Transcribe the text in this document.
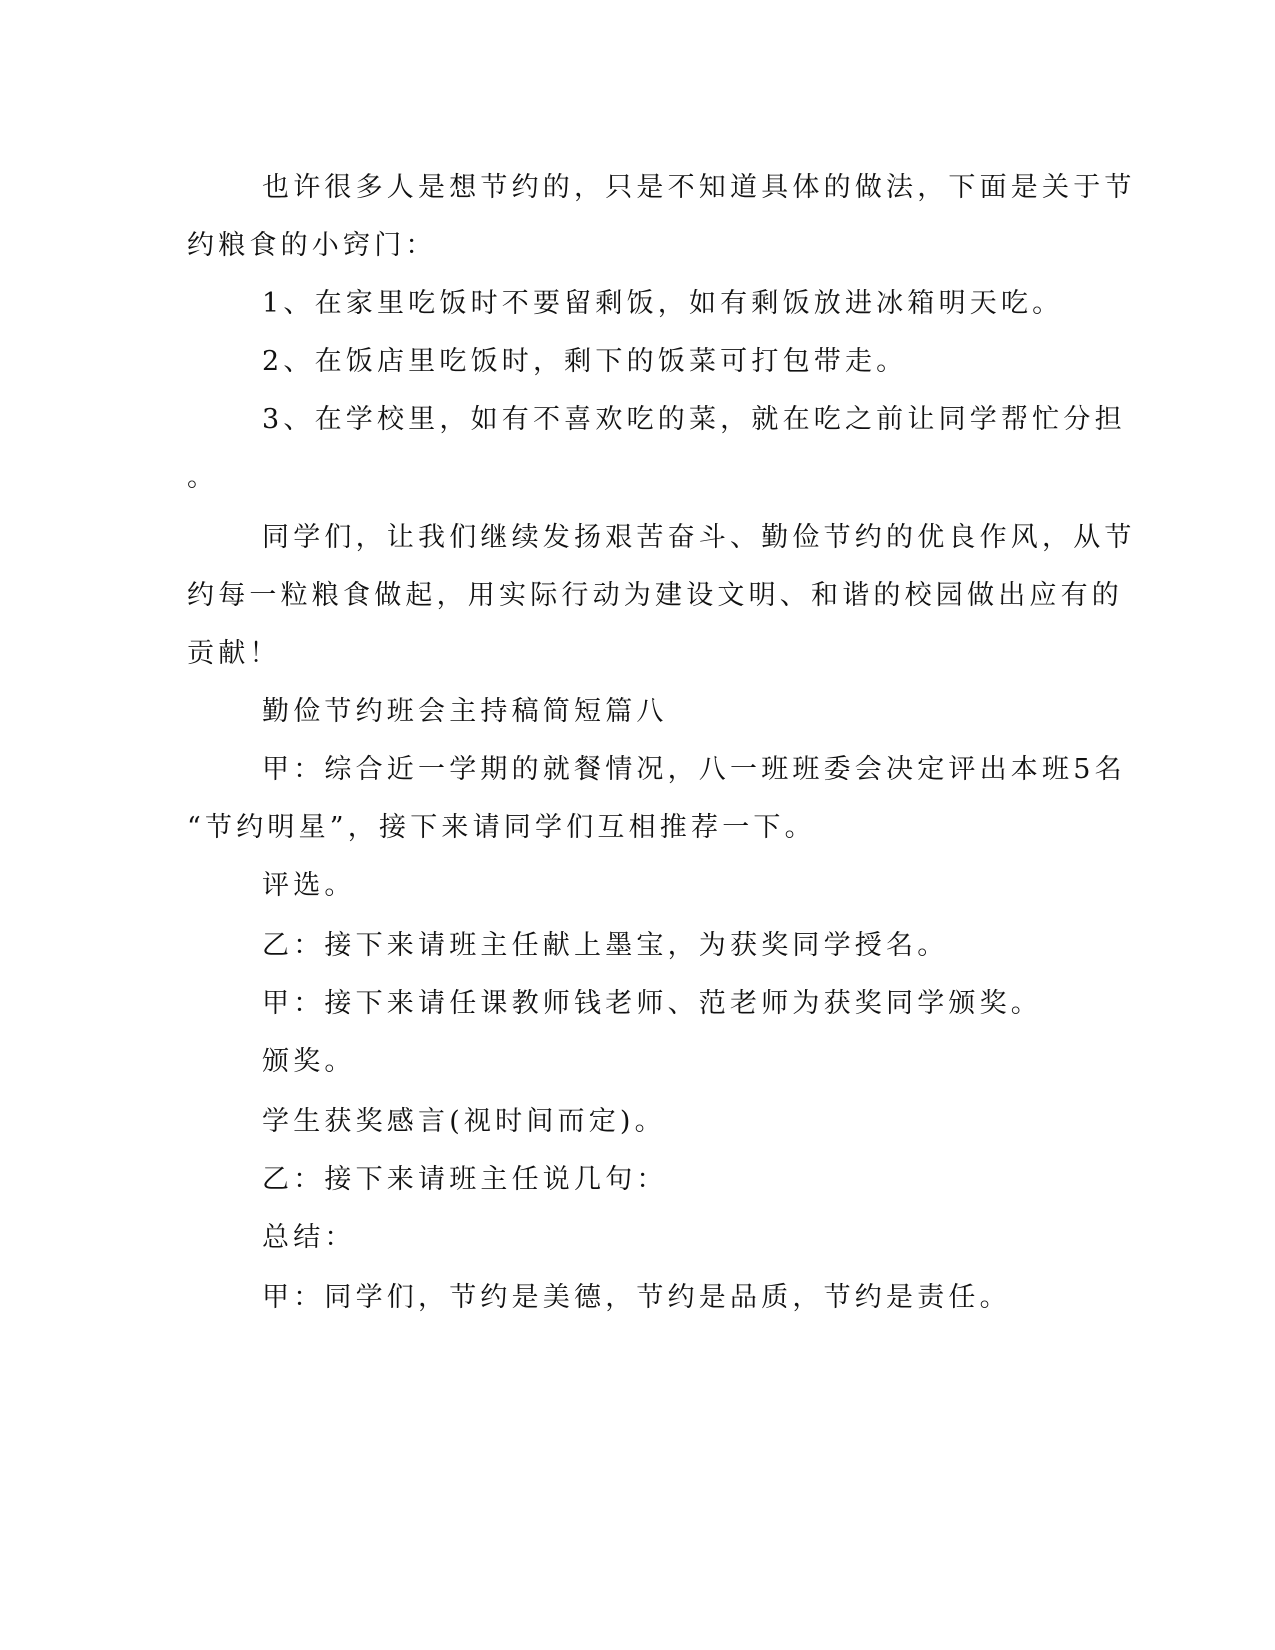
也许很多人是想节约的，只是不知道具体的做法，下面是关于节
约粮食的小窍门：
1、在家里吃饭时不要留剩饭，如有剩饭放进冰箱明天吃。
2、在饭店里吃饭时，剩下的饭菜可打包带走。
3、在学校里，如有不喜欢吃的菜，就在吃之前让同学帮忙分担
。
同学们，让我们继续发扬艰苦奋斗、勤俭节约的优良作风，从节
约每一粒粮食做起，用实际行动为建设文明、和谐的校园做出应有的
贡献！
勤俭节约班会主持稿简短篇八
甲：综合近一学期的就餐情况，八一班班委会决定评出本班5名
“节约明星”，接下来请同学们互相推荐一下。
评选。
乙：接下来请班主任献上墨宝，为获奖同学授名。
甲：接下来请任课教师钱老师、范老师为获奖同学颁奖。
颁奖。
学生获奖感言(视时间而定)。
乙：接下来请班主任说几句：
总结：
甲：同学们，节约是美德，节约是品质，节约是责任。
